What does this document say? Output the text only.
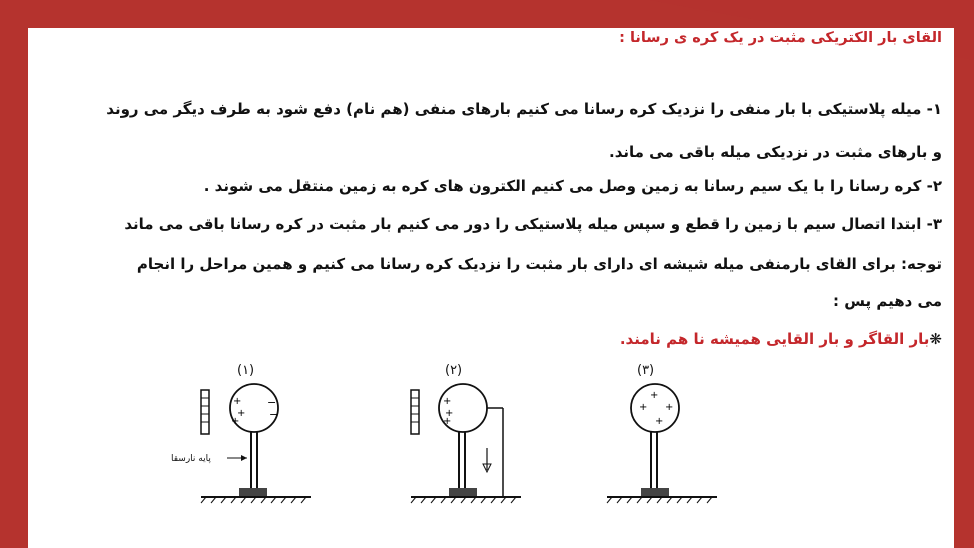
القای بار الکتریکی مثبت در یک کره ی رسانا :
۱- میله پلاستیکی با بار منفی را نزدیک کره رسانا می کنیم بارهای منفی (هم نام) دفع شود به طرف دیگر می روند
و بارهای مثبت در نزدیکی میله باقی می ماند.
۲- کره رسانا را با یک سیم رسانا به زمین وصل می کنیم الکترون های کره به زمین منتقل می شوند .
۳- ابتدا اتصال سیم با زمین را قطع و سپس میله پلاستیکی را دور می کنیم بار مثبت در کره رسانا باقی می ماند
توجه: برای القای بارمنفی میله شیشه ای دارای بار مثبت را نزدیک کره رسانا می کنیم و همین مراحل را انجام
می دهیم پس :
❋بار القاگر و بار القایی همیشه نا هم نامند.
(۱)
+
+
+
−
−
پایه نارسقا
(۲)
+
+
+
(۳)
+ +
+
+
